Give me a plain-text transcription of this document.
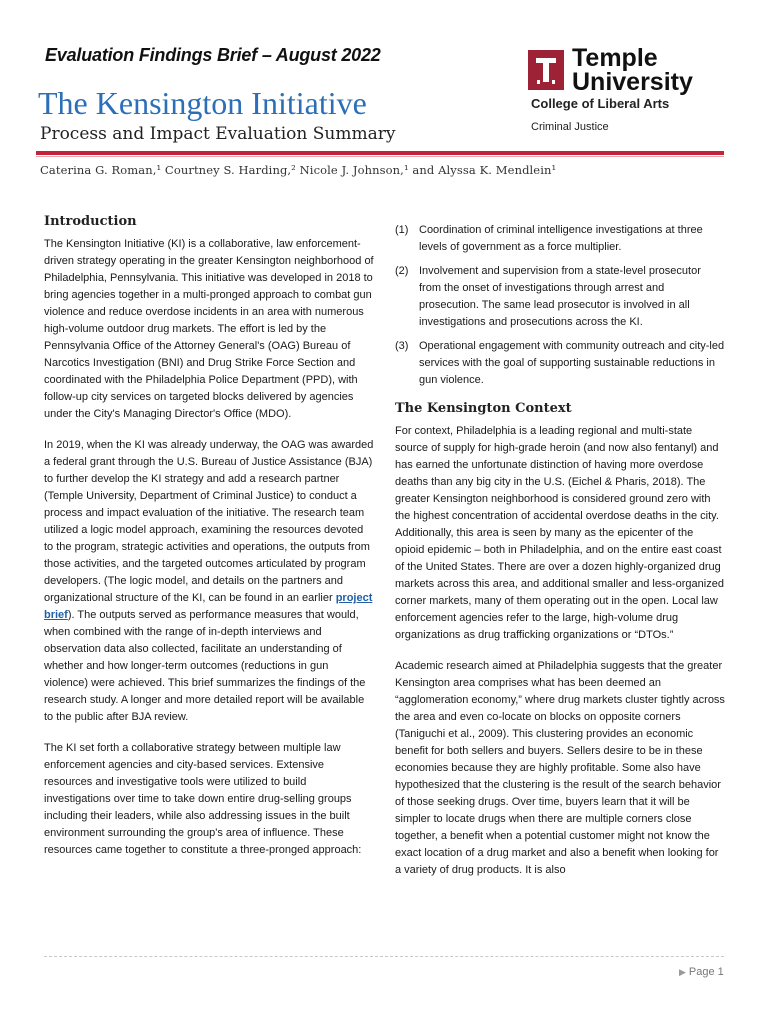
Evaluation Findings Brief – August 2022
The Kensington Initiative
Process and Impact Evaluation Summary
Temple
University
College of Liberal Arts
Criminal Justice
Caterina G. Roman,¹ Courtney S. Harding,² Nicole J. Johnson,¹ and Alyssa K. Mendlein¹
Introduction

The Kensington Initiative (KI) is a collaborative, law enforcement-driven strategy operating in the greater Kensington neighborhood of Philadelphia, Pennsylvania. This initiative was developed in 2018 to bring agencies together in a multi-pronged approach to combat gun violence and reduce overdose incidents in an area with numerous high-volume outdoor drug markets. The effort is led by the Pennsylvania Office of the Attorney General's (OAG) Bureau of Narcotics Investigation (BNI) and Drug Strike Force Section and coordinated with the Philadelphia Police Department (PPD), with follow-up city services on targeted blocks delivered by agencies under the City's Managing Director's Office (MDO).

In 2019, when the KI was already underway, the OAG was awarded a federal grant through the U.S. Bureau of Justice Assistance (BJA) to further develop the KI strategy and add a research partner (Temple University, Department of Criminal Justice) to conduct a process and impact evaluation of the initiative. The research team utilized a logic model approach, examining the resources devoted to the program, strategic activities and operations, the outputs from those activities, and the targeted outcomes articulated by program developers. (The logic model, and details on the partners and organizational structure of the KI, can be found in an earlier project brief). The outputs served as performance measures that would, when combined with the range of in-depth interviews and observation data also collected, facilitate an understanding of whether and how longer-term outcomes (reductions in gun violence) were achieved. This brief summarizes the findings of the research study. A longer and more detailed report will be available to the public after BJA review.

The KI set forth a collaborative strategy between multiple law enforcement agencies and city-based services. Extensive resources and investigative tools were utilized to build investigations over time to take down entire drug-selling groups including their leaders, while also addressing issues in the built environment surrounding the group's area of influence. These resources came together to constitute a three-pronged approach:

(1) Coordination of criminal intelligence investigations at three levels of government as a force multiplier.
(2) Involvement and supervision from a state-level prosecutor from the onset of investigations through arrest and prosecution. The same lead prosecutor is involved in all investigations and prosecutions across the KI.
(3) Operational engagement with community outreach and city-led services with the goal of supporting sustainable reductions in gun violence.
The Kensington Context

For context, Philadelphia is a leading regional and multi-state source of supply for high-grade heroin (and now also fentanyl) and has earned the unfortunate distinction of having more overdose deaths than any big city in the U.S. (Eichel & Pharis, 2018). The greater Kensington neighborhood is considered ground zero with the highest concentration of accidental overdose deaths in the city. Additionally, this area is seen by many as the epicenter of the opioid epidemic – both in Philadelphia, and on the entire east coast of the United States. There are over a dozen highly-organized drug markets across this area, and additional smaller and less-organized corner markets, many of them operating out in the open. Local law enforcement agencies refer to the large, high-volume drug organizations as drug trafficking organizations or “DTOs.”

Academic research aimed at Philadelphia suggests that the greater Kensington area comprises what has been deemed an “agglomeration economy,” where drug markets cluster tightly across the area and even co-locate on blocks on opposite corners (Taniguchi et al., 2009). This clustering provides an economic benefit for both sellers and buyers. Sellers desire to be in these economies because they are highly profitable. Some also have hypothesized that the clustering is the result of the search behavior of those seeking drugs. Over time, buyers learn that it will be simpler to locate drugs when there are multiple corners close together, a benefit when a potential customer might not know the exact location of a drug market and also a benefit when looking for a variety of drug products. It is also

▶ Page 1
